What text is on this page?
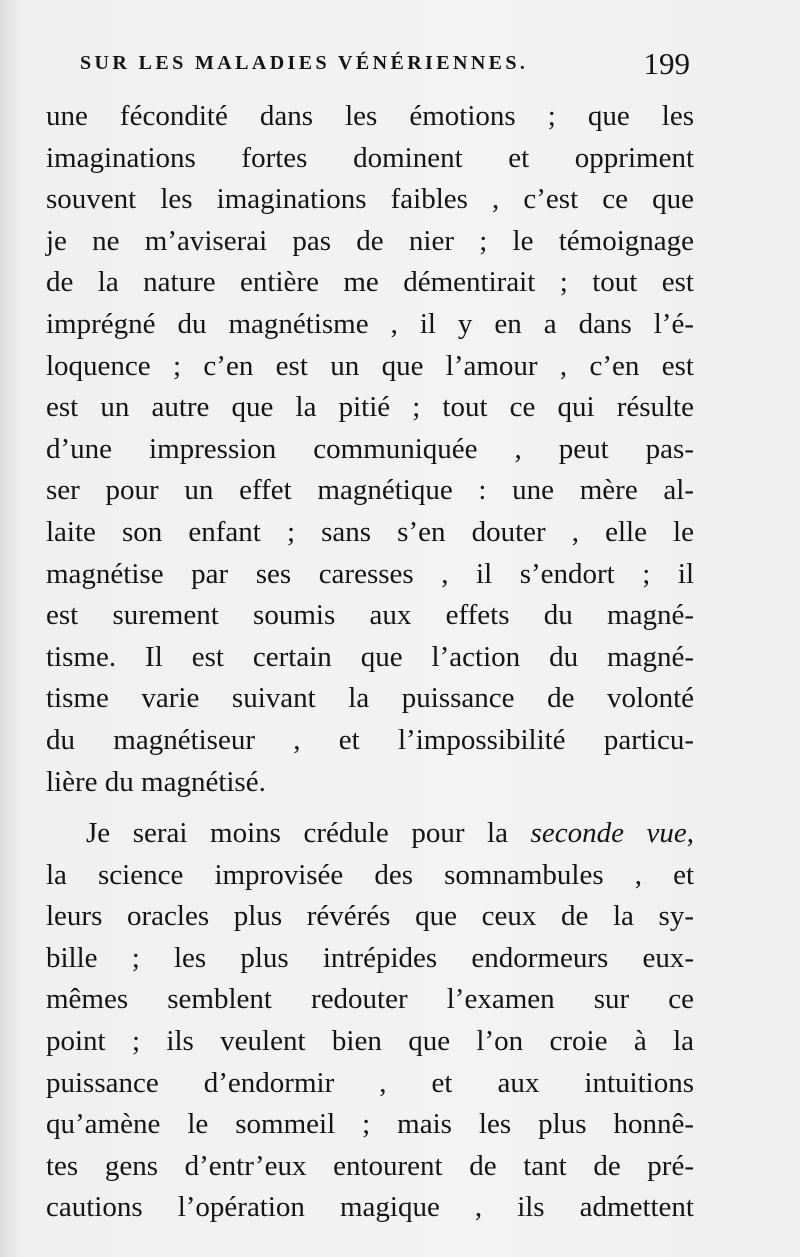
SUR LES MALADIES VÉNÉRIENNES.	199
une fécondité dans les émotions ; que les
imaginations fortes dominent et oppriment
souvent les imaginations faibles , c’est ce que
je ne m’aviserai pas de nier ; le témoignage
de la nature entière me démentirait ; tout est
imprégné du magnétisme , il y en a dans l’é-
loquence ; c’en est un que l’amour , c’en est
est un autre que la pitié ; tout ce qui résulte
d’une impression communiquée , peut pas-
ser pour un effet magnétique : une mère al-
laite son enfant ; sans s’en douter , elle le
magnétise par ses caresses , il s’endort ; il
est surement soumis aux effets du magné-
tisme. Il est certain que l’action du magné-
tisme varie suivant la puissance de volonté
du magnétiseur , et l’impossibilité particu-
lière du magnétisé.
Je serai moins crédule pour la seconde vue,
la science improvisée des somnambules , et
leurs oracles plus révérés que ceux de la sy-
bille ; les plus intrépides endormeurs eux-
mêmes semblent redouter l’examen sur ce
point ; ils veulent bien que l’on croie à la
puissance d’endormir , et aux intuitions
qu’amène le sommeil ; mais les plus honnê-
tes gens d’entr’eux entourent de tant de pré-
cautions l’opération magique , ils admettent
